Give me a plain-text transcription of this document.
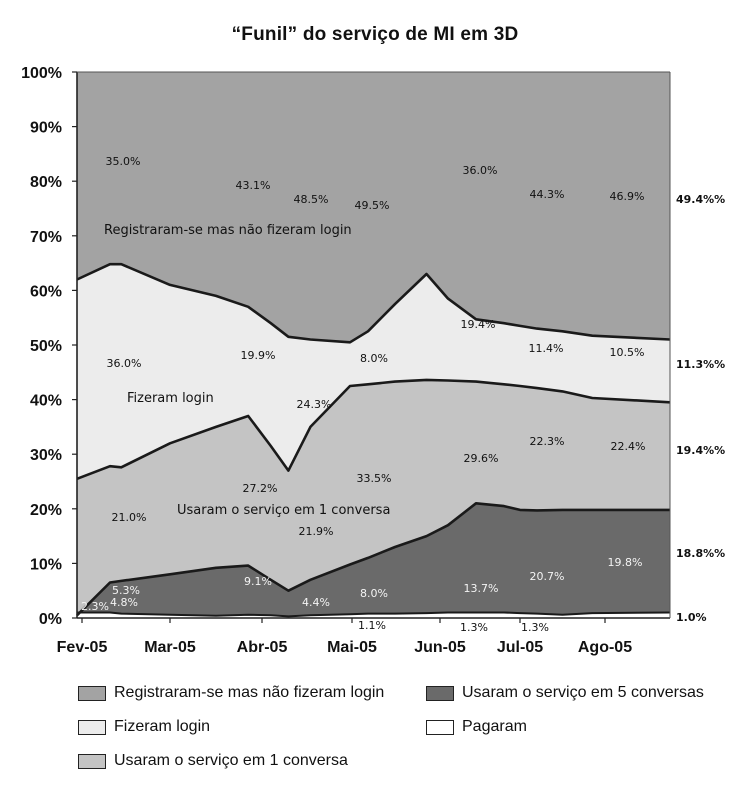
“Funil” do serviço de MI em 3D
0%
10%
20%
30%
40%
50%
60%
70%
80%
90%
100%
Fev-05 Mar-05	Abr-05 Mai-05 Jun-05 Jul-05 Ago-05
35.0%
43.1%
48.5% 49.5%
36.0%
44.3%	46.9%
36.0%
19.9%
24.3%
8.0%
19.4%
11.4%	10.5%
21.0%
27.2%
21.9%
33.5%
29.6%
22.3%	22.4%
2.3% 4.8%
5.3%
9.1%
4.4%
8.0%	13.7%
20.7%
19.8%
1.1%	1.3%	1.3%
49.4%%
11.3%%
19.4%%
18.8%%
1.0%
Registraram-se mas não fizeram login
Fizeram login
Usaram o serviço em 1 conversa
Registraram-se mas não fizeram login	Usaram o serviço em 5 conversas
Fizeram login	Pagaram
Usaram o serviço em 1 conversa
